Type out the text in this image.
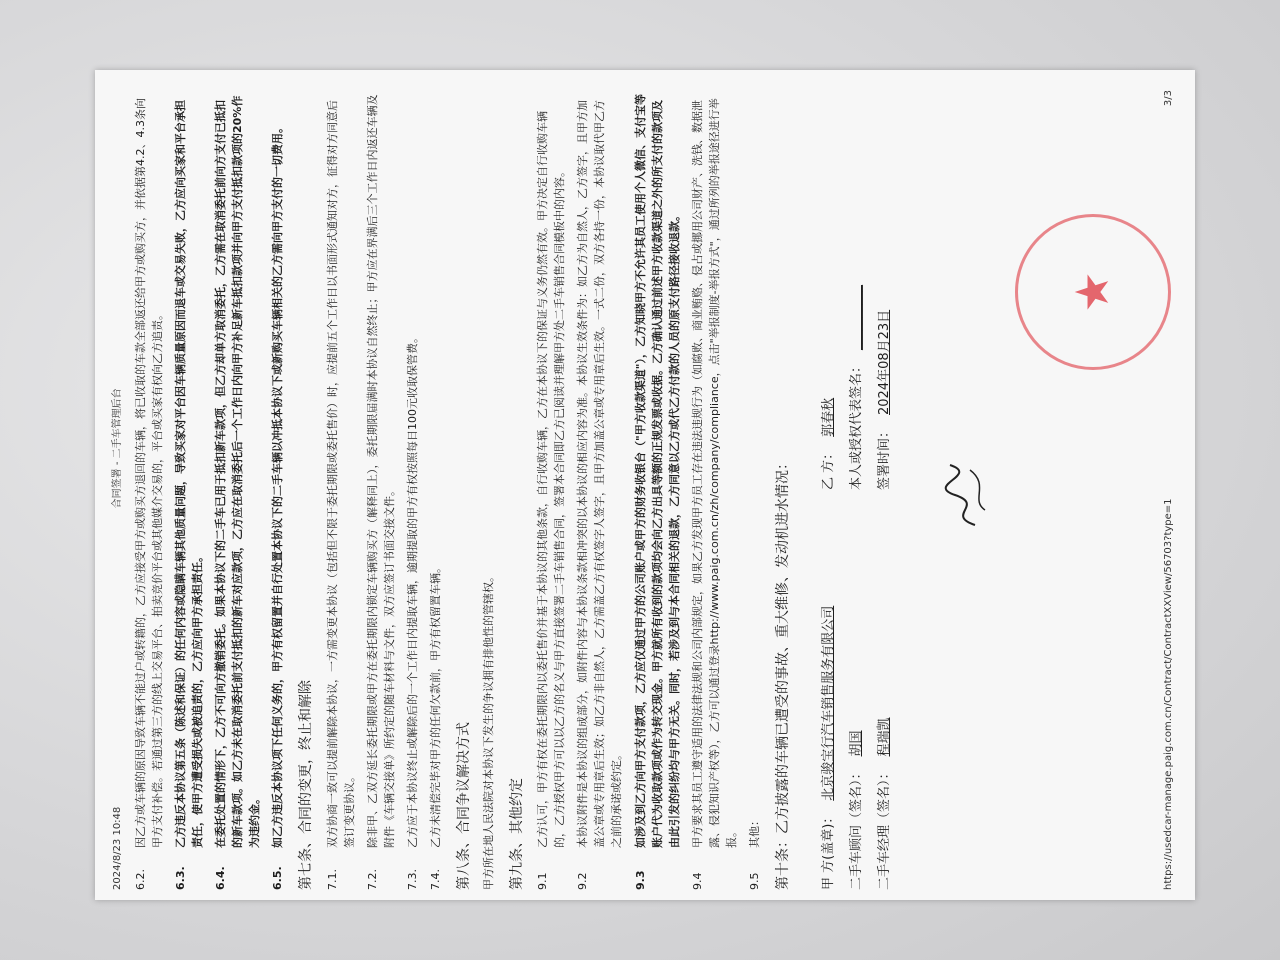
2024/8/23 10:48
合同签署 - 二手车管理后台
6.2.
因乙方或车辆的原因导致车辆不能过户或转籍的，乙方应接受甲方或购买方退回的车辆，将已收取的车款全部返还给甲方或购买方，并依据第4.2、4.3条向甲方支付补偿。若通过第三方的线上交易平台、拍卖竞价平台或其他媒介交易的，平台或买家有权向乙方追责。
6.3.
乙方违反本协议第五条（陈述和保证）的任何内容或隐瞒车辆其他质量问题，导致买家对平台因车辆质量原因而退车或交易失败，乙方应向买家和平台承担责任，使甲方遭受损失或被追责的，乙方应向甲方承担责任。
6.4.
在委托处置的情形下，乙方不可向方撤销委托。如果本协议下的二手车已用于抵扣新车款项，但乙方却单方取消委托，乙方需在取消委托前向方支付已抵扣的新车款项。如乙方未在取消委托前支付抵扣的新车对应款项，乙方应在取消委托后一个工作日内向甲方补足新车抵扣款项并向甲方支付抵扣款项的20%作为违约金。
6.5.
如乙方违反本协议项下任何义务的，甲方有权留置并自行处置本协议下的二手车辆以冲抵本协议下或新购买车辆相关的乙方需向甲方支付的一切费用。 第七条、合同的变更，终止和解除	7.1.
双方协商一致可以提前解除本协议，一方需变更本协议（包括但不限于委托期限或委托售价）时，应提前五个工作日以书面形式通知对方，征得对方同意后签订变更协议。
7.2.
除非甲、乙双方延长委托期限或甲方在委托期限内锁定车辆购买方（解释同上），委托期限届满时本协议自然终止；甲方应在界满后三个工作日内返还车辆及附件《车辆交接单》所约定的随车材料与文件，双方应签订书面交接文件。
7.3.
乙方应于本协议终止或解除后的一个工作日内提取车辆，逾期提取的甲方有权按照每日100元收取保管费。
7.4.
乙方未清偿完毕对甲方的任何欠款前，甲方有权留置车辆。 第八条、合同争议解决方式 甲方所在地人民法院对本协议下发生的争议拥有排他性的管辖权。 第九条、其他约定	9.1
乙方认可，甲方有权在委托期限内以委托售价并基于本协议的其他条款，自行收购车辆，乙方在本协议下的保证与义务仍然有效。甲方决定自行收购车辆的，乙方授权甲方可以以乙方的名义与甲方直接签署二手车销售合同，签署本合同即乙方已阅读并理解甲方处二手车销售合同模板中的内容。
9.2
本协议附件是本协议的组成部分，如附件内容与本协议条款相冲突的以本协议的相应内容为准。本协议生效条件为：如乙方为自然人，乙方签字，且甲方加盖公章或专用章后生效；如乙方非自然人，乙方需盖乙方有权签字人签字，且甲方加盖公章或专用章后生效。一式二份，双方各持一份，本协议取代甲乙方之前的承诺或约定。
9.3
如涉及到乙方向甲方支付款项，乙方应仅通过甲方的公司账户或甲方的财务收银台（"甲方收款渠道"），乙方知晓甲方不允许其员工使用个人微信、支付宝等账户代为收取款项或作为转交现金。甲方就所有收到的款项均会向乙方出具等额的正规发票或收据。乙方确认通过前述甲方收款渠道之外的所支付的款项及由此引发的纠纷均与甲方无关。同时，若涉及到与本合同相关的退款，乙方同意以乙方或代乙方付款的人员的原支付路径接收退款。
9.4
甲方要求其员工遵守适用的法律法规和公司内部规定，如果乙方发现甲方员工存在违法违规行为（如腐败、商业贿赂、侵占或挪用公司财产、洗钱、数据泄露、侵犯知识产权等），乙方可以通过登录http://www.paig.com.cn/zh/company/compliance，点击"举报制度-举报方式"，通过所列的举报途径进行举报。
9.5
其他： 第十条：乙方披露的车辆已遭受的事故、重大维修、发动机进水情况： 甲 方(盖章)：北京骏宝行汽车销售服务有限公司
二手车顾问（签名）：胡国
二手车经理（签名）：程瑞凯
乙 方：郭春秋 本人或授权代表签名：__________
签署时间：2024年08月23日
https://usedcar-manage.paig.com.cn/Contract/ContractXXView/56703?type=1
3/3
★
